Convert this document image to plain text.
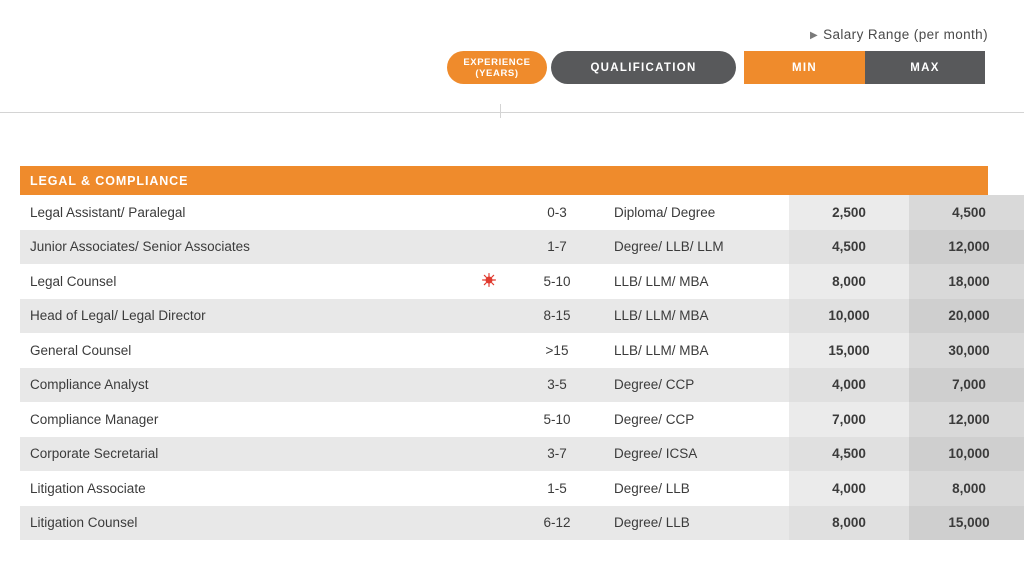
▶ Salary Range (per month)
EXPERIENCE
(YEARS)	QUALIFICATION	MIN	MAX
LEGAL & COMPLIANCE
Legal Assistant/ Paralegal		0-3	Diploma/ Degree	2,500	4,500
Junior Associates/ Senior Associates		1-7	Degree/ LLB/ LLM	4,500	12,000
Legal Counsel		5-10	LLB/ LLM/ MBA	8,000	18,000
Head of Legal/ Legal Director		8-15	LLB/ LLM/ MBA	10,000	20,000
General Counsel		>15	LLB/ LLM/ MBA	15,000	30,000
Compliance Analyst		3-5	Degree/ CCP	4,000	7,000
Compliance Manager		5-10	Degree/ CCP	7,000	12,000
Corporate Secretarial		3-7	Degree/ ICSA	4,500	10,000
Litigation Associate		1-5	Degree/ LLB	4,000	8,000
Litigation Counsel		6-12	Degree/ LLB	8,000	15,000
